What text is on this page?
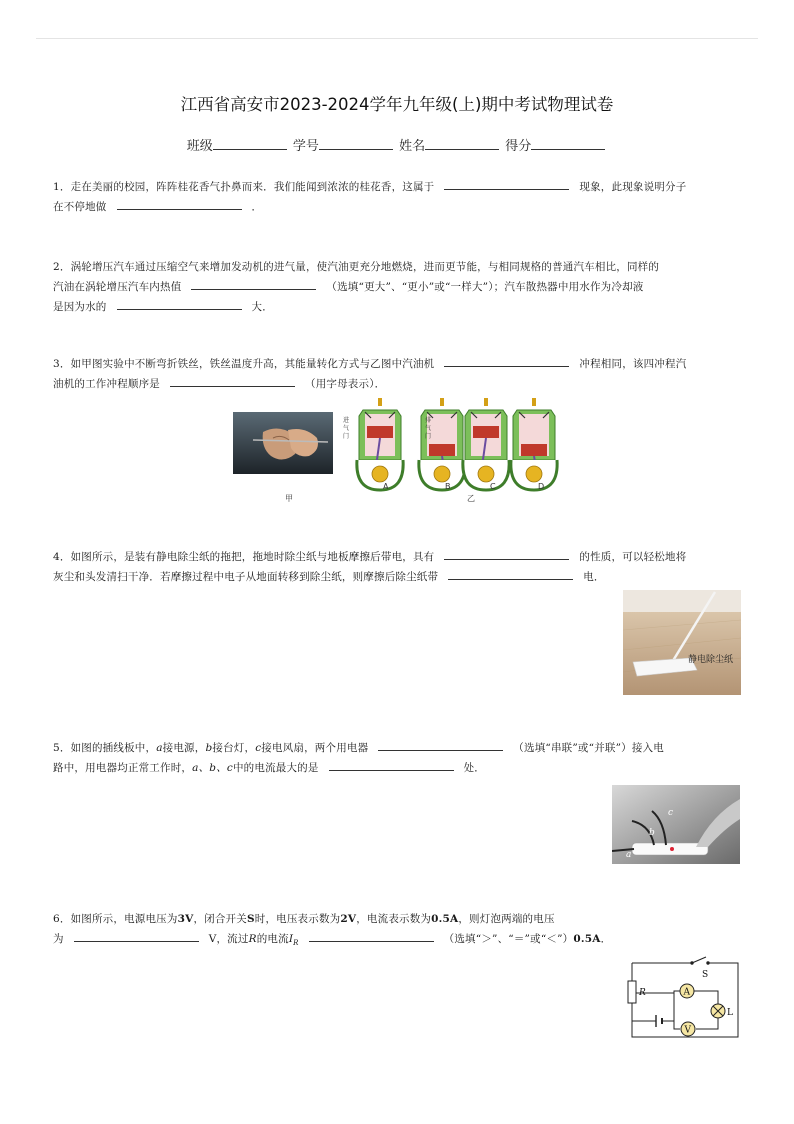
江西省高安市2023-2024学年九年级(上)期中考试物理试卷
班级	学号	姓名	得分
1．走在美丽的校园，阵阵桂花香气扑鼻而来．我们能闻到浓浓的桂花香，这属于	现象，此现象说明分子
在不停地做	．
2．涡轮增压汽车通过压缩空气来增加发动机的进气量，使汽油更充分地燃烧，进而更节能，与相同规格的普通汽车相比，同样的
汽油在涡轮增压汽车内热值	（选填“更大”、“更小”或“一样大”）；汽车散热器中用水作为冷却液
是因为水的	大．
3．如甲图实验中不断弯折铁丝，铁丝温度升高，其能量转化方式与乙图中汽油机	冲程相同，该四冲程汽
油机的工作冲程顺序是	（用字母表示）．
甲
进气门
排气门
A	B	C	D
乙
4．如图所示，是装有静电除尘纸的拖把，拖地时除尘纸与地板摩擦后带电，具有	的性质，可以轻松地将
灰尘和头发清扫干净．若摩擦过程中电子从地面转移到除尘纸，则摩擦后除尘纸带	电．
静电除尘纸
5．如图的插线板中，a接电源，b接台灯，c接电风扇，两个用电器	（选填“串联”或“并联”）接入电
路中，用电器均正常工作时，a、b、c中的电流最大的是	处．
a
b
c
6．如图所示，电源电压为3V，闭合开关S时，电压表示数为2V，电流表示数为0.5A，则灯泡两端的电压
为	V，流过R的电流$I_R$	（选填“＞”、“＝”或“＜”）0.5A．
S
R	A
L
V
